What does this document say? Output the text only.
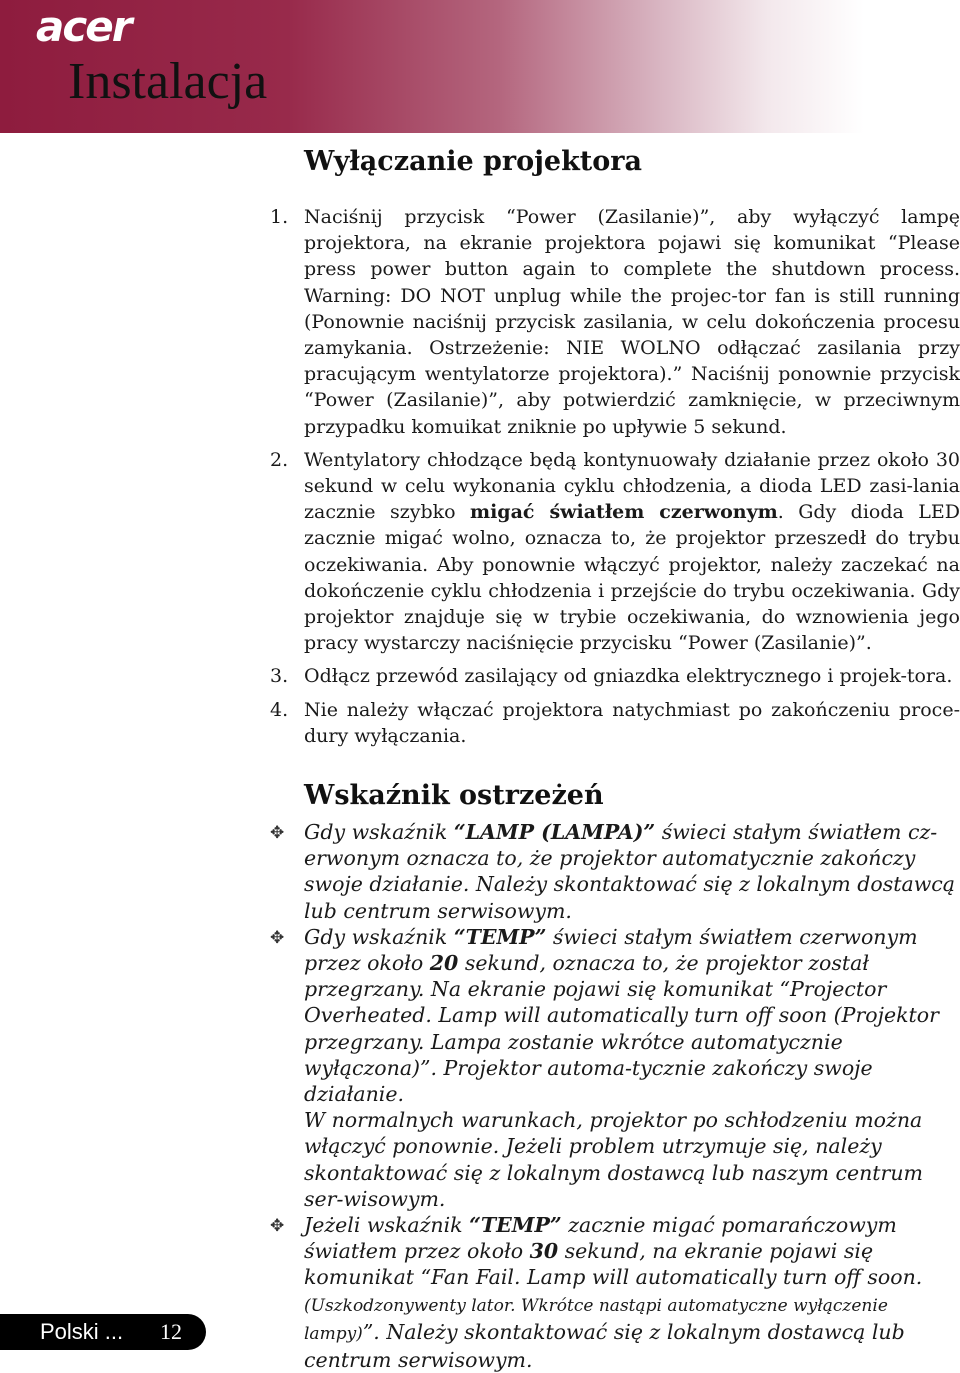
acer
Instalacja
Wyłączanie projektora
1. Naciśnij przycisk “Power (Zasilanie)”, aby wyłączyć lampę projektora, na ekranie projektora pojawi się komunikat “Please press power button again to complete the shutdown process. Warning: DO NOT unplug while the projec-tor fan is still running (Ponownie naciśnij przycisk zasilania, w celu dokończenia procesu zamykania. Ostrzeżenie: NIE WOLNO odłączać zasilania przy pracującym wentylatorze projektora).” Naciśnij ponownie przycisk “Power (Zasilanie)”, aby potwierdzić zamknięcie, w przeciwnym przypadku komuikat zniknie po upływie 5 sekund.
2. Wentylatory chłodzące będą kontynuowały działanie przez około 30 sekund w celu wykonania cyklu chłodzenia, a dioda LED zasi-lania zacznie szybko migać światłem czerwonym. Gdy dioda LED zacznie migać wolno, oznacza to, że projektor przeszedł do trybu oczekiwania. Aby ponownie włączyć projektor, należy zaczekać na dokończenie cyklu chłodzenia i przejście do trybu oczekiwania. Gdy projektor znajduje się w trybie oczekiwania, do wznowienia jego pracy wystarczy naciśnięcie przycisku “Power (Zasilanie)”.
3. Odłącz przewód zasilający od gniazdka elektrycznego i projek-tora.
4. Nie należy włączać projektora natychmiast po zakończeniu proce-dury wyłączania.
Wskaźnik ostrzeżeń
✥ Gdy wskaźnik “LAMP (LAMPA)” świeci stałym światłem cz-erwonym oznacza to, że projektor automatycznie zakończy swoje działanie. Należy skontaktować się z lokalnym dostawcą lub centrum serwisowym.
✥ Gdy wskaźnik “TEMP” świeci stałym światłem czerwonym przez około 20 sekund, oznacza to, że projektor został przegrzany. Na ekranie pojawi się komunikat “Projector Overheated. Lamp will automatically turn off soon (Projektor przegrzany. Lampa zostanie wkrótce automatycznie wyłączona)”. Projektor automa-tycznie zakończy swoje działanie.
W normalnych warunkach, projektor po schłodzeniu można włączyć ponownie. Jeżeli problem utrzymuje się, należy skontaktować się z lokalnym dostawcą lub naszym centrum ser-wisowym.
✥ Jeżeli wskaźnik “TEMP” zacznie migać pomarańczowym światłem przez około 30 sekund, na ekranie pojawi się komunikat “Fan Fail. Lamp will automatically turn off soon.(Uszkodzonywenty lator. Wkrótce nastąpi automatyczne wyłączenie lampy)”. Należy skontaktować się z lokalnym dostawcą lub centrum serwisowym.
Polski ... 12
